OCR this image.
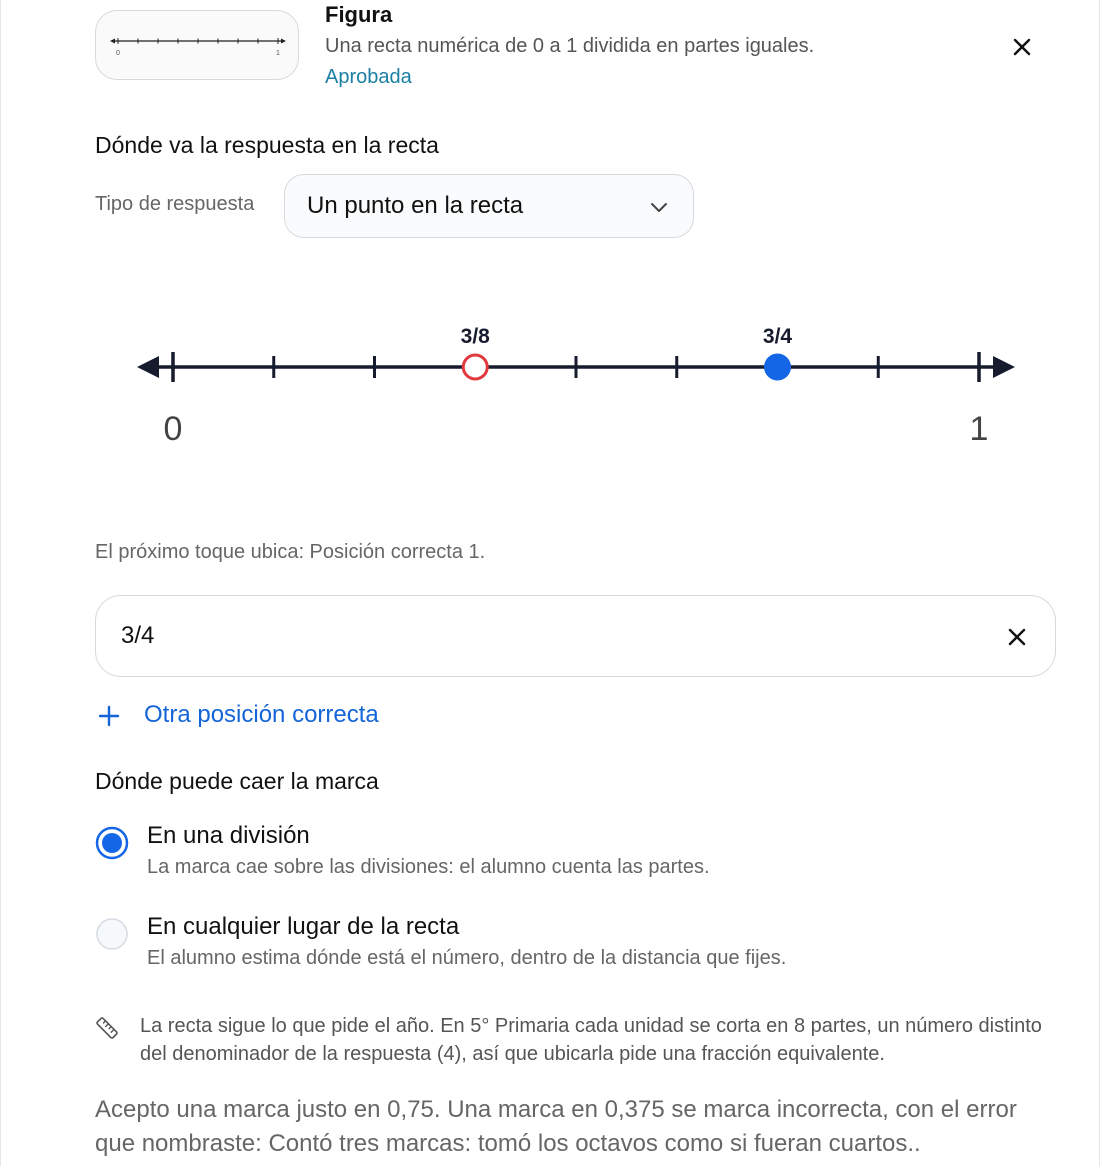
0	1
Figura
Una recta numérica de 0 a 1 dividida en partes iguales.
Aprobada
Dónde va la respuesta en la recta
Tipo de respuesta Un punto en la recta
3/8	3/4
0	1
El próximo toque ubica: Posición correcta 1.
3/4
Otra posición correcta
Dónde puede caer la marca
En una división
La marca cae sobre las divisiones: el alumno cuenta las partes.
En cualquier lugar de la recta
El alumno estima dónde está el número, dentro de la distancia que fijes.
La recta sigue lo que pide el año. En 5° Primaria cada unidad se corta en 8 partes, un número distinto del denominador de la respuesta (4), así que ubicarla pide una fracción equivalente.
Acepto una marca justo en 0,75. Una marca en 0,375 se marca incorrecta, con el error que nombraste: Contó tres marcas: tomó los octavos como si fueran cuartos..
